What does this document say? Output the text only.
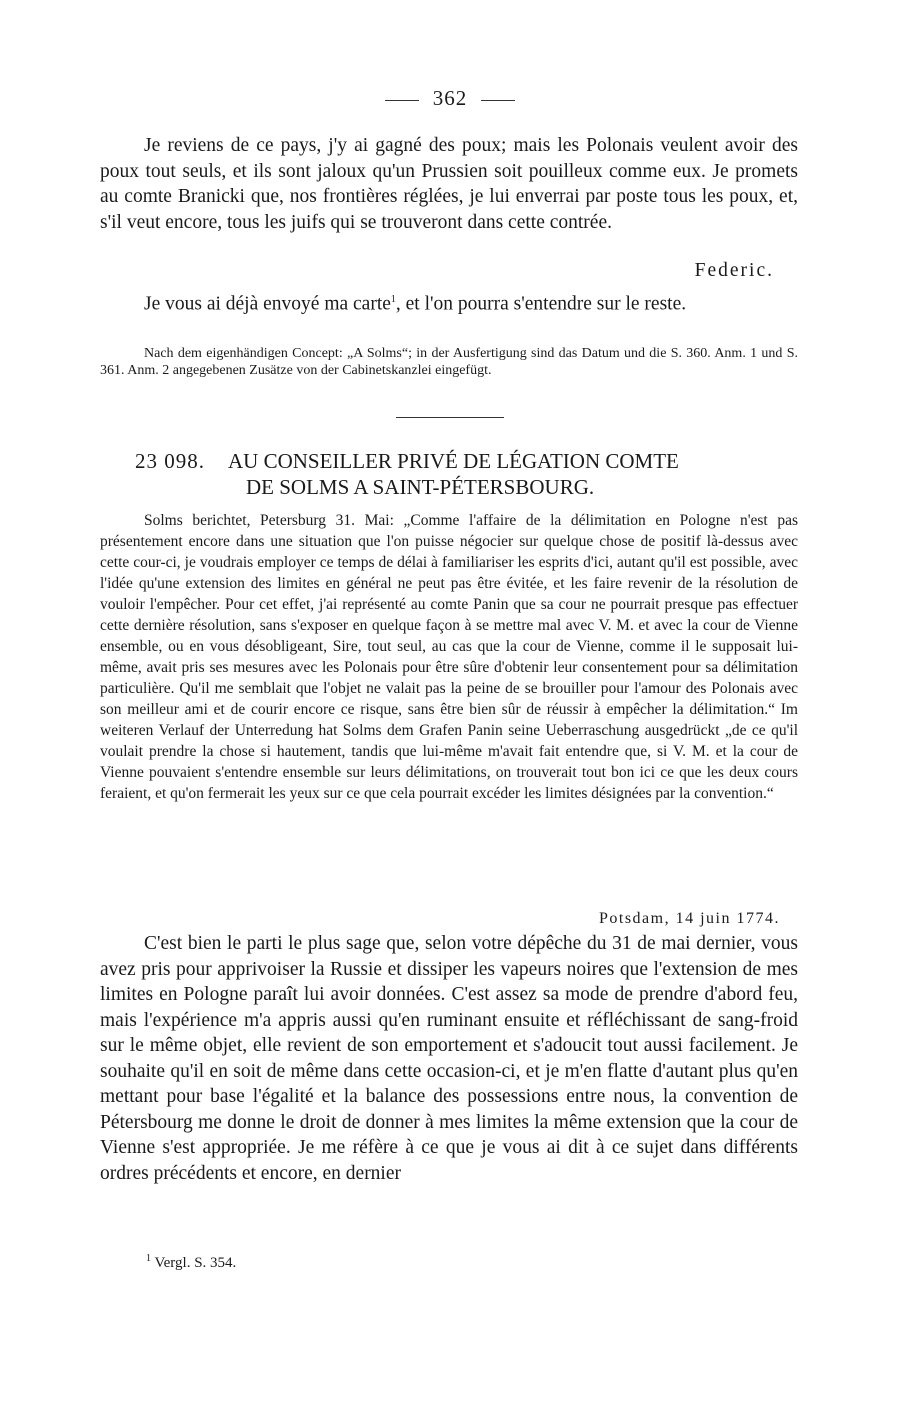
362

Je reviens de ce pays, j'y ai gagné des poux; mais les Polonais veulent avoir des poux tout seuls, et ils sont jaloux qu'un Prussien soit pouilleux comme eux. Je promets au comte Branicki que, nos frontières réglées, je lui enverrai par poste tous les poux, et, s'il veut encore, tous les juifs qui se trouveront dans cette contrée.

Federic.

Je vous ai déjà envoyé ma carte$^1$, et l'on pourra s'entendre sur le reste.

Nach dem eigenhändigen Concept: „A Solms“; in der Ausfertigung sind das Datum und die S. 360. Anm. 1 und S. 361. Anm. 2 angegebenen Zusätze von der Cabinetskanzlei eingefügt.

23 098. AU CONSEILLER PRIVÉ DE LÉGATION COMTE
DE SOLMS A SAINT-PÉTERSBOURG.

Solms berichtet, Petersburg 31. Mai: „Comme l'affaire de la délimitation en Pologne n'est pas présentement encore dans une situation que l'on puisse négocier sur quelque chose de positif là-dessus avec cette cour-ci, je voudrais employer ce temps de délai à familiariser les esprits d'ici, autant qu'il est possible, avec l'idée qu'une extension des limites en général ne peut pas être évitée, et les faire revenir de la résolution de vouloir l'empêcher. Pour cet effet, j'ai représenté au comte Panin que sa cour ne pourrait presque pas effectuer cette dernière résolution, sans s'exposer en quelque façon à se mettre mal avec V. M. et avec la cour de Vienne ensemble, ou en vous désobligeant, Sire, tout seul, au cas que la cour de Vienne, comme il le supposait lui-même, avait pris ses mesures avec les Polonais pour être sûre d'obtenir leur consentement pour sa délimitation particulière. Qu'il me semblait que l'objet ne valait pas la peine de se brouiller pour l'amour des Polonais avec son meilleur ami et de courir encore ce risque, sans être bien sûr de réussir à empêcher la délimitation.“ Im weiteren Verlauf der Unterredung hat Solms dem Grafen Panin seine Ueberraschung ausgedrückt „de ce qu'il voulait prendre la chose si hautement, tandis que lui-même m'avait fait entendre que, si V. M. et la cour de Vienne pouvaient s'entendre ensemble sur leurs délimitations, on trouverait tout bon ici ce que les deux cours feraient, et qu'on fermerait les yeux sur ce que cela pourrait excéder les limites désignées par la convention.“

Potsdam, 14 juin 1774.

C'est bien le parti le plus sage que, selon votre dépêche du 31 de mai dernier, vous avez pris pour apprivoiser la Russie et dissiper les vapeurs noires que l'extension de mes limites en Pologne paraît lui avoir données. C'est assez sa mode de prendre d'abord feu, mais l'expérience m'a appris aussi qu'en ruminant ensuite et réfléchissant de sang-froid sur le même objet, elle revient de son emportement et s'adoucit tout aussi facilement. Je souhaite qu'il en soit de même dans cette occasion-ci, et je m'en flatte d'autant plus qu'en mettant pour base l'égalité et la balance des possessions entre nous, la convention de Pétersbourg me donne le droit de donner à mes limites la même extension que la cour de Vienne s'est appropriée. Je me réfère à ce que je vous ai dit à ce sujet dans différents ordres précédents et encore, en dernier

$^1$ Vergl. S. 354.
